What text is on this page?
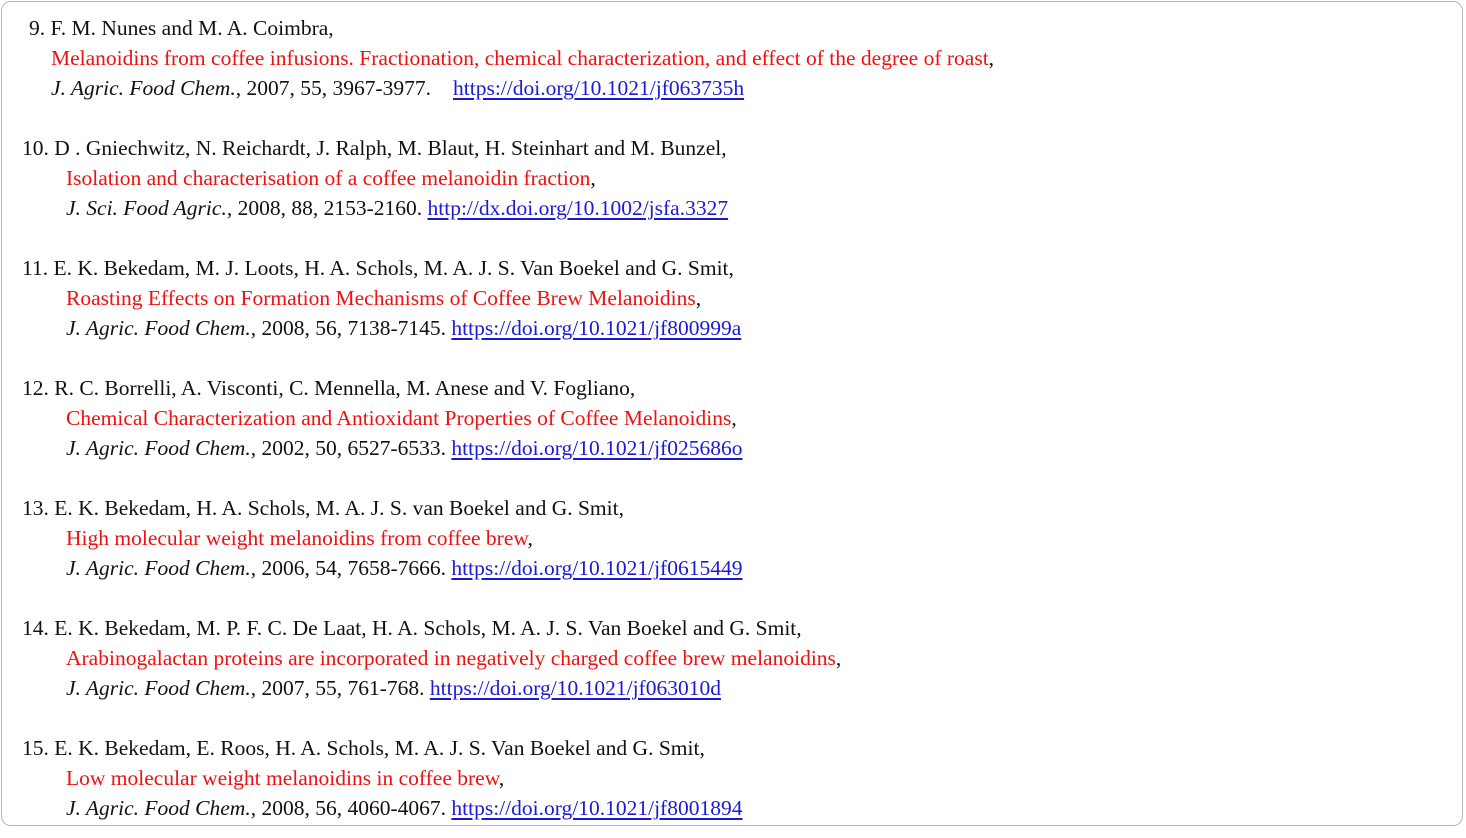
9. F. M. Nunes and M. A. Coimbra,
Melanoidins from coffee infusions. Fractionation, chemical characterization, and effect of the degree of roast,
J. Agric. Food Chem., 2007, 55, 3967-3977. https://doi.org/10.1021/jf063735h
10. D . Gniechwitz, N. Reichardt, J. Ralph, M. Blaut, H. Steinhart and M. Bunzel,
Isolation and characterisation of a coffee melanoidin fraction,
J. Sci. Food Agric., 2008, 88, 2153-2160. http://dx.doi.org/10.1002/jsfa.3327
11. E. K. Bekedam, M. J. Loots, H. A. Schols, M. A. J. S. Van Boekel and G. Smit,
Roasting Effects on Formation Mechanisms of Coffee Brew Melanoidins,
J. Agric. Food Chem., 2008, 56, 7138-7145. https://doi.org/10.1021/jf800999a
12. R. C. Borrelli, A. Visconti, C. Mennella, M. Anese and V. Fogliano,
Chemical Characterization and Antioxidant Properties of Coffee Melanoidins,
J. Agric. Food Chem., 2002, 50, 6527-6533. https://doi.org/10.1021/jf025686o
13. E. K. Bekedam, H. A. Schols, M. A. J. S. van Boekel and G. Smit,
High molecular weight melanoidins from coffee brew,
J. Agric. Food Chem., 2006, 54, 7658-7666. https://doi.org/10.1021/jf0615449
14. E. K. Bekedam, M. P. F. C. De Laat, H. A. Schols, M. A. J. S. Van Boekel and G. Smit,
Arabinogalactan proteins are incorporated in negatively charged coffee brew melanoidins,
J. Agric. Food Chem., 2007, 55, 761-768. https://doi.org/10.1021/jf063010d
15. E. K. Bekedam, E. Roos, H. A. Schols, M. A. J. S. Van Boekel and G. Smit,
Low molecular weight melanoidins in coffee brew,
J. Agric. Food Chem., 2008, 56, 4060-4067. https://doi.org/10.1021/jf8001894
